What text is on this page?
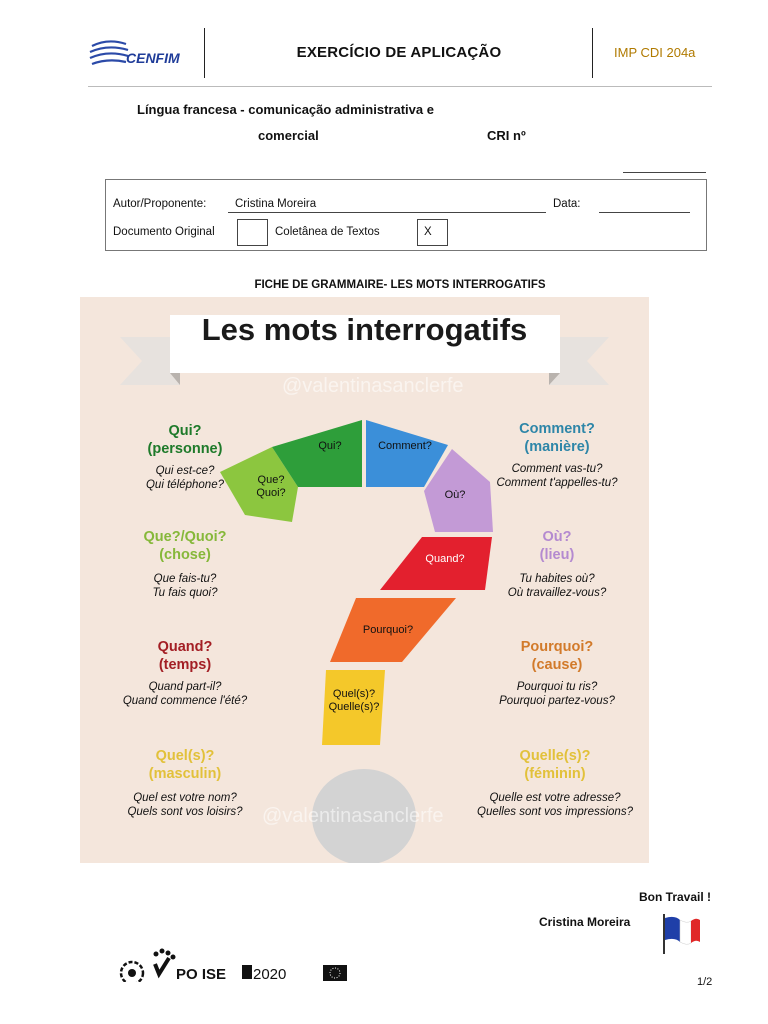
CENFIM	EXERCÍCIO DE APLICAÇÃO	IMP CDI 204a
Língua francesa - comunicação administrativa e
comercial	CRI nº
Autor/Proponente: Cristina Moreira	Data:
Documento Original	Coletânea de Textos	X
FICHE DE GRAMMAIRE- LES MOTS INTERROGATIFS
Les mots interrogatifs
@valentinasanclerfe
Que?
Quoi?
Qui?	Comment?
Où?
Quand?
Pourquoi?
Quel(s)?
Quelle(s)?
Qui?
(personne)
Qui est-ce?
Qui téléphone?
Que?/Quoi?
(chose)
Que fais-tu?
Tu fais quoi?
Quand?
(temps)
Quand part-il?
Quand commence l'été?
Quel(s)?
(masculin)
Quel est votre nom?
Quels sont vos loisirs?
Comment?
(manière)
Comment vas-tu?
Comment t'appelles-tu?
Où?
(lieu)
Tu habites où?
Où travaillez-vous?
Pourquoi?
(cause)
Pourquoi tu ris?
Pourquoi partez-vous?
Quelle(s)?
(féminin)
Quelle est votre adresse?
Quelles sont vos impressions?
@valentinasanclerfe
Bon Travail !
Cristina Moreira
PO ISE 2020	1/2
